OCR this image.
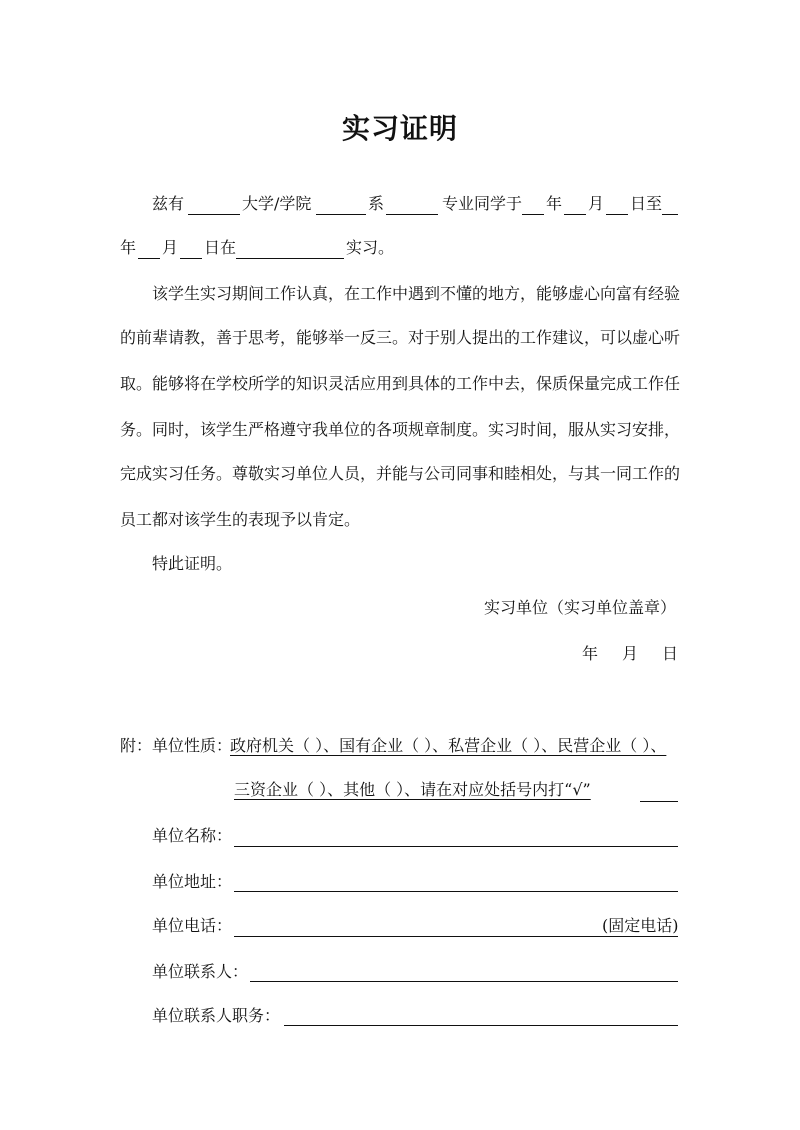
实习证明
兹有	大学/学院	系	专业同学于 年 月 日至
年 月 日在	实习。
该学生实习期间工作认真，在工作中遇到不懂的地方，能够虚心向富有经验
的前辈请教，善于思考，能够举一反三。对于别人提出的工作建议，可以虚心听
取。能够将在学校所学的知识灵活应用到具体的工作中去，保质保量完成工作任
务。同时，该学生严格遵守我单位的各项规章制度。实习时间，服从实习安排，
完成实习任务。尊敬实习单位人员，并能与公司同事和睦相处，与其一同工作的
员工都对该学生的表现予以肯定。
特此证明。
实习单位（实习单位盖章）
年 月 日
附：单位性质：
政府机关（ ）、国有企业（ ）、私营企业（ ）、民营企业（ ）、
三资企业（ ）、其他（ ）、请在对应处括号内打“√”
单位名称：
单位地址：
单位电话：	(固定电话)
单位联系人：
单位联系人职务：
